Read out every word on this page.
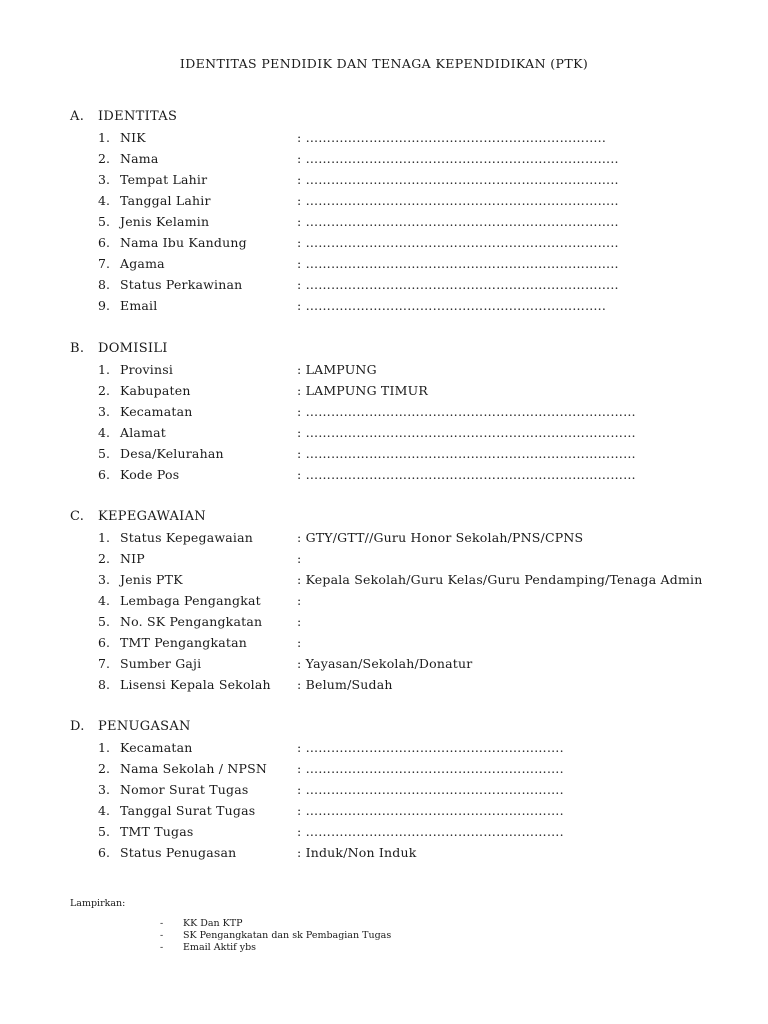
IDENTITAS PENDIDIK DAN TENAGA KEPENDIDIKAN (PTK)
A. IDENTITAS
1. NIK	: ……………………………………………………………..
2. Nama	: ………………………………………………………………..
3. Tempat Lahir	: ………………………………………………………………..
4. Tanggal Lahir	: ………………………………………………………………..
5. Jenis Kelamin	: ………………………………………………………………..
6. Nama Ibu Kandung	: ………………………………………………………………..
7. Agama	: ………………………………………………………………..
8. Status Perkawinan	: ………………………………………………………………..
9. Email	: ……………………………………………………………..
B. DOMISILI
1. Provinsi	: LAMPUNG
2. Kabupaten	: LAMPUNG TIMUR
3. Kecamatan	: ……………………………………………………………………
4. Alamat	: ……………………………………………………………………
5. Desa/Kelurahan	: ……………………………………………………………………
6. Kode Pos	: ……………………………………………………………………
C. KEPEGAWAIAN
1. Status Kepegawaian	: GTY/GTT//Guru Honor Sekolah/PNS/CPNS
2. NIP	:
3. Jenis PTK	: Kepala Sekolah/Guru Kelas/Guru Pendamping/Tenaga Admin
4. Lembaga Pengangkat	:
5. No. SK Pengangkatan	:
6. TMT Pengangkatan	:
7. Sumber Gaji	: Yayasan/Sekolah/Donatur
8. Lisensi Kepala Sekolah	: Belum/Sudah
D. PENUGASAN
1. Kecamatan	: …………………………………………………….
2. Nama Sekolah / NPSN	: …………………………………………………….
3. Nomor Surat Tugas	: …………………………………………………….
4. Tanggal Surat Tugas	: …………………………………………………….
5. TMT Tugas	: …………………………………………………….
6. Status Penugasan	: Induk/Non Induk
Lampirkan:
- KK Dan KTP
- SK Pengangkatan dan sk Pembagian Tugas
- Email Aktif ybs
